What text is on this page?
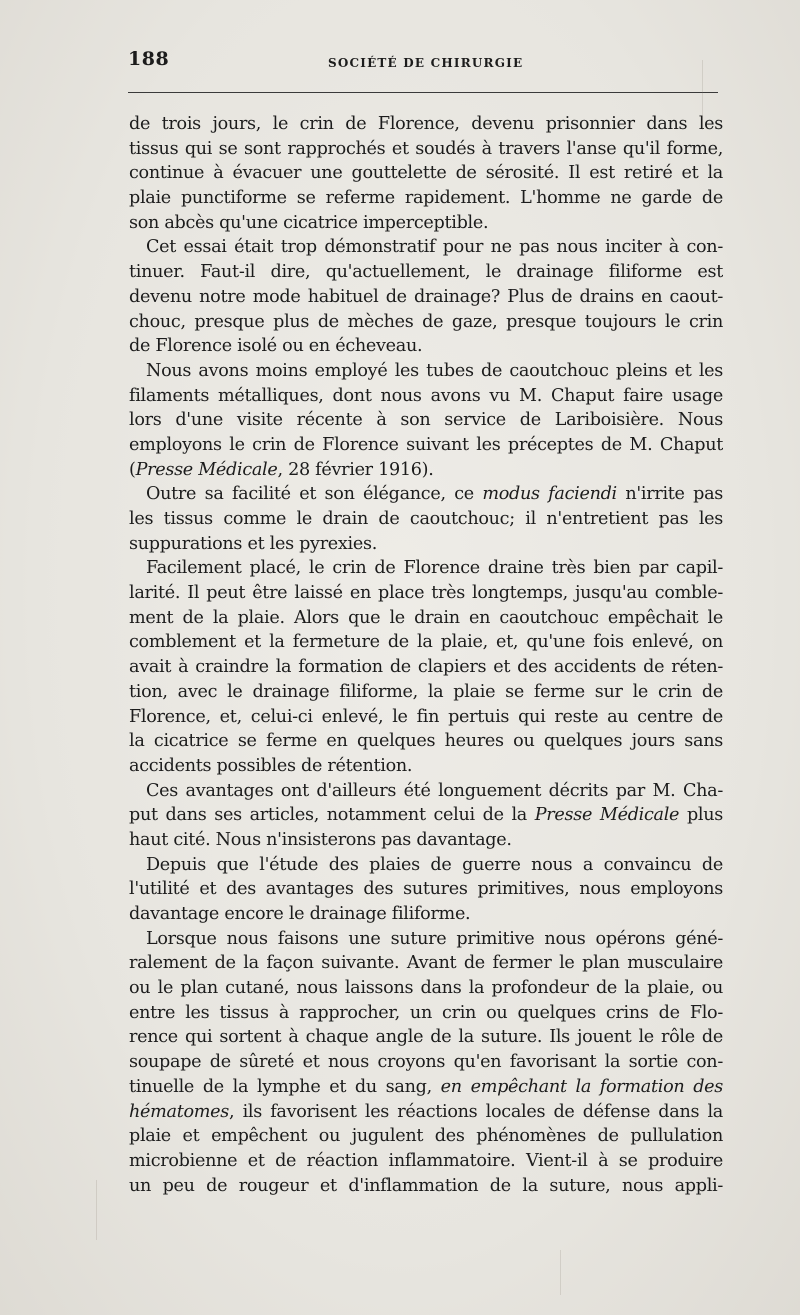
188	SOCIÉTÉ DE CHIRURGIE
de trois jours, le crin de Florence, devenu prisonnier dans les
tissus qui se sont rapprochés et soudés à travers l'anse qu'il forme,
continue à évacuer une gouttelette de sérosité. Il est retiré et la
plaie punctiforme se referme rapidement. L'homme ne garde de
son abcès qu'une cicatrice imperceptible.
Cet essai était trop démonstratif pour ne pas nous inciter à con-
tinuer. Faut-il dire, qu'actuellement, le drainage filiforme est
devenu notre mode habituel de drainage? Plus de drains en caout-
chouc, presque plus de mèches de gaze, presque toujours le crin
de Florence isolé ou en écheveau.
Nous avons moins employé les tubes de caoutchouc pleins et les
filaments métalliques, dont nous avons vu M. Chaput faire usage
lors d'une visite récente à son service de Lariboisière. Nous
employons le crin de Florence suivant les préceptes de M. Chaput
(Presse Médicale, 28 février 1916).
Outre sa facilité et son élégance, ce modus faciendi n'irrite pas
les tissus comme le drain de caoutchouc; il n'entretient pas les
suppurations et les pyrexies.
Facilement placé, le crin de Florence draine très bien par capil-
larité. Il peut être laissé en place très longtemps, jusqu'au comble-
ment de la plaie. Alors que le drain en caoutchouc empêchait le
comblement et la fermeture de la plaie, et, qu'une fois enlevé, on
avait à craindre la formation de clapiers et des accidents de réten-
tion, avec le drainage filiforme, la plaie se ferme sur le crin de
Florence, et, celui-ci enlevé, le fin pertuis qui reste au centre de
la cicatrice se ferme en quelques heures ou quelques jours sans
accidents possibles de rétention.
Ces avantages ont d'ailleurs été longuement décrits par M. Cha-
put dans ses articles, notamment celui de la Presse Médicale plus
haut cité. Nous n'insisterons pas davantage.
Depuis que l'étude des plaies de guerre nous a convaincu de
l'utilité et des avantages des sutures primitives, nous employons
davantage encore le drainage filiforme.
Lorsque nous faisons une suture primitive nous opérons géné-
ralement de la façon suivante. Avant de fermer le plan musculaire
ou le plan cutané, nous laissons dans la profondeur de la plaie, ou
entre les tissus à rapprocher, un crin ou quelques crins de Flo-
rence qui sortent à chaque angle de la suture. Ils jouent le rôle de
soupape de sûreté et nous croyons qu'en favorisant la sortie con-
tinuelle de la lymphe et du sang, en empêchant la formation des
hématomes, ils favorisent les réactions locales de défense dans la
plaie et empêchent ou jugulent des phénomènes de pullulation
microbienne et de réaction inflammatoire. Vient-il à se produire
un peu de rougeur et d'inflammation de la suture, nous appli-
